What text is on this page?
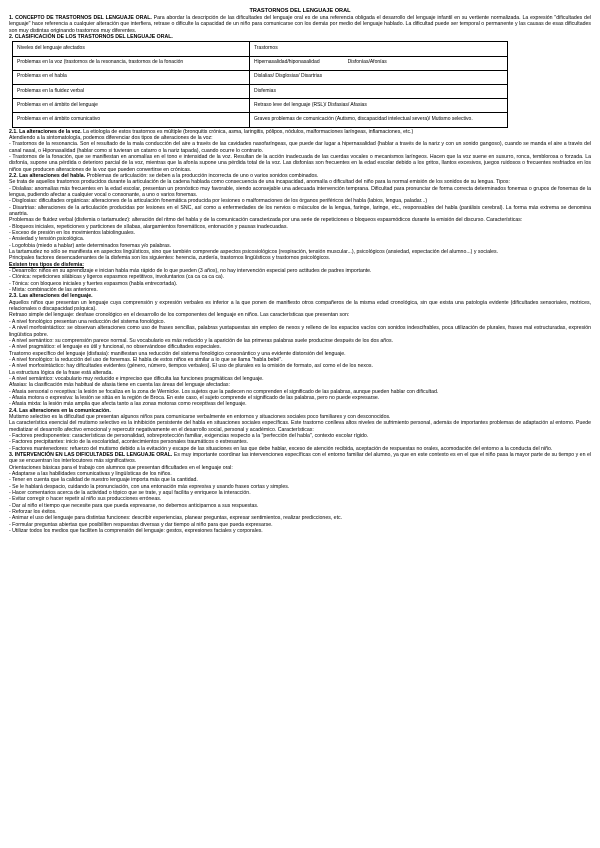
TRASTORNOS DEL LENGUAJE ORAL

1. CONCEPTO DE TRASTORNOS DEL LENGUAJE ORAL. Para abordar la descripción de las dificultades del lenguaje oral es de una referencia obligada el desarrollo del lenguaje infantil en su vertiente normalizada. La expresión "dificultades del lenguaje" hace referencia a cualquier alteración que interfiera, retrase o dificulte la capacidad de un niño para comunicarse con los demás por medio del lenguaje hablado. La dificultad puede ser temporal o permanente y las causas de esas dificultades son muy distintas originando trastornos muy diferentes.

2. CLASIFICACIÓN DE LOS TRASTORNOS DEL LENGUAJE ORAL.

Niveles del lenguaje afectados	Trastornos
Problemas en la voz (trastornos de la resonancia, trastornos de la fonación	Hipernasalidad/hiponasalidad Disfonías/Afonías
Problemas en el habla	Dislalias/ Disglosias/ Disartrias
Problemas en la fluidez verbal	Disfemias
Problemas en el ámbito del lenguaje	Retraso leve del lenguaje (RSL)/ Disfasias/ Afasias
Problemas en el ámbito comunicativo	Graves problemas de comunicación (Autismo, discapacidad intelectual severa)/ Mutismo selectivo.

2.1. La alteraciones de la voz. La etiología de estos trastornos es múltiple (bronquitis crónica, asma, laringitis, pólipos, nódulos, malformaciones laríngeas, inflamaciones, etc.)

Atendiendo a la sintomatología, podemos diferenciar dos tipos de alteraciones de la voz:

- Trastornos de la resonancia. Son el resultado de la mala conducción del aire a través de las cavidades nasofaríngeas, que puede dar lugar a hipernasalidad (hablar a través de la nariz y con un sonido gangoso), cuando se manda el aire a través del canal nasal, o Hiponasalidad (hablar como si tuvieran un catarro o la nariz tapada), cuando ocurre lo contrario.

- Trastornos de la fonación, que se manifiestan en anomalías en el tono e intensidad de la voz. Resultan de la acción inadecuada de las cuerdas vocales o mecanismos laríngeos. Hacen que la voz suene en susurro, ronca, temblorosa o forzada. La disfonía, supone una pérdida o deterioro parcial de la voz, mientras que la afonía supone una pérdida total de la voz. Las disfonías son frecuentes en la edad escolar debido a los gritos, llantos excesivos, juegos ruidosos o frecuentes resfriados en los niños que producen alteraciones de la voz que pueden convertirse en crónicas.

2.2. Las alteraciones del habla. Problemas de articulación: se deben a la producción incorrecta de uno o varios sonidos combinados.

Se trata de aquellos trastornos producidos durante la articulación de la cadena hablada como consecuencia de una incapacidad, anomalía o dificultad del niño para la normal emisión de los sonidos de su lengua. Tipos:

- Dislalias: anomalías más frecuentes en la edad escolar, presentan un pronóstico muy favorable, siendo aconsejable una adecuada intervención temprana. Dificultad para pronunciar de forma correcta determinados fonemas o grupos de fonemas de la lengua, pudiendo afectar a cualquier vocal o consonante, a uno o varios fonemas.

- Disglosias: dificultades orgánicas: alteraciones de la articulación fonemática producida por lesiones o malformaciones de los órganos periféricos del habla (labios, lengua, paladar...)

- Disartrias: alteraciones de la articulación producidas por lesiones en el SNC, así como a enfermedades de los nervios o músculos de la lengua, faringe, laringe, etc., responsables del habla (parálisis cerebral). La forma más extrema se denomina anartria.

Problemas de fluidez verbal (disfemia o tartamudez): alteración del ritmo del habla y de la comunicación caracterizada por una serie de repeticiones o bloqueos espasmódicos durante la emisión del discurso. Características:

- Bloqueos iniciales, repeticiones y particiones de sílabas, alargamientos fonemáticos, entonación y pausas inadecuadas.

- Exceso de presión en los movimientos labiolinguales.

- Ansiedad y tensión psicológica.

- Logofobia (miedo a hablar) ante determinados fonemas y/o palabras.

La tartamudez no sólo se manifiesta en aspectos lingüísticos, sino que también comprende aspectos psicosiológicos (respiración, tensión muscular...), psicológicos (ansiedad, expectación del alumno...) y sociales.

Principales factores desencadenantes de la disfemia son los siguientes: herencia, zurdería, trastornos lingüísticos y trastornos psicológicos.

Existen tres tipos de disfemia:

- Desarrollo: niños en su aprendizaje e inician habla más rápido de lo que pueden (3 años), no hay intervención especial pero actitudes de padres importante.

- Clónica: repeticiones silábicas y ligeros espasmos repetitivos, involuntarios (ca ca ca ca ca).

- Tónica: con bloqueos iniciales y fuertes espasmos (habla entrecortada).

- Mixta: combinación de las anteriores.

2.3. Las alteraciones del lenguaje.

Aquellos niños que presentan un lenguaje cuya comprensión y expresión verbales es inferior a la que ponen de manifiesto otros compañeros de la misma edad cronológica, sin que exista una patología evidente (dificultades sensoriales, motrices, relacionales o discapacidad psíquica).

Retraso simple del lenguaje: desfase cronológico en el desarrollo de los componentes del lenguaje en niños. Las características que presentan son:

- A nivel fonológico presentan una reducción del sistema fonológico.

- A nivel morfosintáctico: se observan alteraciones como uso de frases sencillas, palabras yuxtapuestas sin empleo de nexos y relleno de los espacios vacíos con sonidos indescifrables, poca utilización de plurales, frases mal estructuradas, expresión lingüística pobre.

- A nivel semántico: su comprensión parece normal. Su vocabulario es más reducido y la aparición de las primeras palabras suele producirse después de los dos años.

- A nivel pragmático: el lenguaje es útil y funcional, no observándose dificultades especiales.

Trastorno específico del lenguaje (disfasia): manifiestan una reducción del sistema fonológico consonántico y una evidente distorsión del lenguaje.

- A nivel fonológico: la reducción del uso de fonemas. El habla de estos niños es similar a lo que se llama "habla bebé".

- A nivel morfosintáctico: hay dificultades evidentes (género, número, tiempos verbales). El uso de plurales es la omisión de formato, así como el de los nexos.

La estructura lógica de la frase está alterada.

- A nivel semántico: vocabulario muy reducido e impreciso que dificulta las funciones pragmáticas del lenguaje.

Afasias: la clasificación más habitual de afasia tiene en cuenta las áreas del lenguaje afectadas:

- Afasia sensorial o receptiva: la lesión se focaliza en la zona de Wernicke. Los sujetos que la padecen no comprenden el significado de las palabras, aunque pueden hablar con dificultad.

- Afasia motora o expresiva: la lesión se sitúa en la región de Broca. En este caso, el sujeto comprende el significado de las palabras, pero no puede expresarse.

- Afasia mixta: la lesión más amplia que afecta tanto a las zonas motoras como receptivas del lenguaje.

2.4. Las alteraciones en la comunicación.

Mutismo selectivo es la dificultad que presentan algunos niños para comunicarse verbalmente en entornos y situaciones sociales poco familiares y con desconocidos.

La característica esencial del mutismo selectivo es la inhibición persistente del habla en situaciones sociales específicas. Este trastorno conlleva altos niveles de sufrimiento personal, además de importantes problemas de adaptación al entorno. Puede mediatizar el desarrollo afectivo emocional y repercutir negativamente en el desarrollo social, personal y académico. Características:

- Factores predisponentes: características de personalidad, sobreprotección familiar, exigencias respecto a la "perfección del habla", contexto escolar rígido.

- Factores precipitantes: inicio de la escolaridad, acontecimientos personales traumáticos o estresantes.

- Factores mantenedores: refuerzo del mutismo debido a la evitación y escape de las situaciones en las que debe hablar, exceso de atención recibida, aceptación de respuestas no orales, acomodación del entorno a la conducta del niño.

3. INTERVENCIÓN EN LAS DIFICULTADES DEL LENGUAJE ORAL. Es muy importante coordinar las intervenciones específicas con el entorno familiar del alumno, ya que en este contexto es en el que el niño pasa la mayor parte de su tiempo y en el que se encuentran los interlocutores más significativos.

Orientaciones básicas para el trabajo con alumnos que presentan dificultades en el lenguaje oral:

- Adaptarse a las habilidades comunicativas y lingüísticas de los niños.

- Tener en cuenta que la calidad de nuestro lenguaje importa más que la cantidad.

- Se le hablará despacio, cuidando la pronunciación, con una entonación más expresiva y usando frases cortas y simples.

- Hacer comentarios acerca de la actividad o tópico que se trate, y aquí facilita y enriquece la interacción.

- Evitar corregir o hacer repetir al niño sus producciones erróneas.

- Dar al niño el tiempo que necesite para que pueda expresarse, no debemos anticiparnos a sus respuestas.

- Reforzar los éxitos.

- Animar el uso del lenguaje para distintas funciones: describir experiencias, planear preguntas, expresar sentimientos, realizar predicciones, etc.

- Formular preguntas abiertas que posibiliten respuestas diversas y dar tiempo al niño para que pueda expresarse.

- Utilizar todos los medios que faciliten la comprensión del lenguaje: gestos, expresiones faciales y corporales.
